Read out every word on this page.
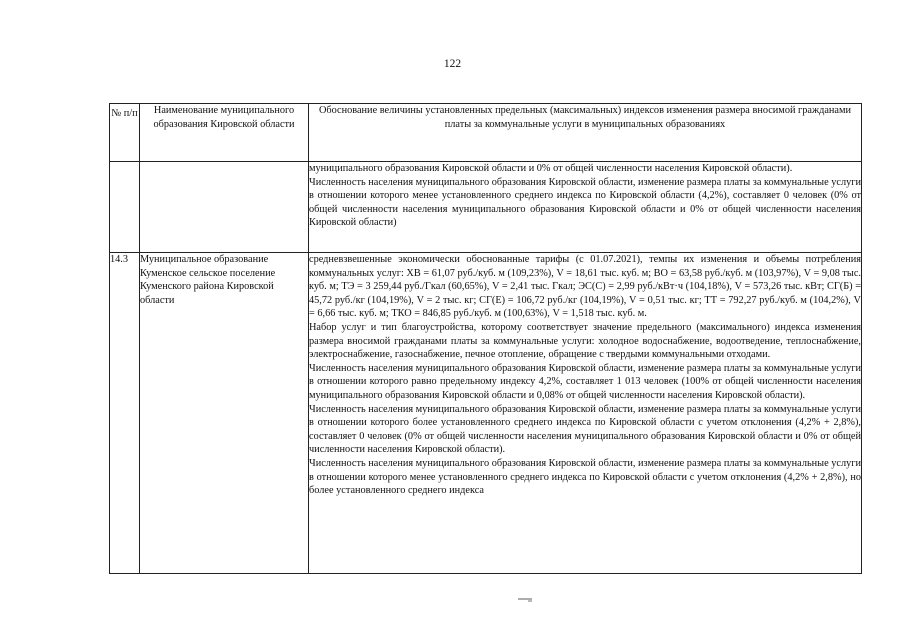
122
№ п/п	Наименование муниципального образования Кировской области	Обоснование величины установленных предельных (максимальных) индексов изменения размера вносимой гражданами платы за коммунальные услуги в муниципальных образованиях

		муниципального образования Кировской области и 0% от общей численности населения Кировской области).

Численность населения муниципального образования Кировской области, изменение размера платы за коммунальные услуги в отношении которого менее установленного среднего индекса по Кировской области (4,2%), составляет 0 человек (0% от общей численности населения муниципального образования Кировской области и 0% от общей численности населения Кировской области)

14.3	Муниципальное образование Куменское сельское поселение Куменского района Кировской области	средневзвешенные экономически обоснованные тарифы (с 01.07.2021), темпы их изменения и объемы потребления коммунальных услуг: ХВ = 61,07 руб./куб. м (109,23%), V = 18,61 тыс. куб. м; ВО = 63,58 руб./куб. м (103,97%), V = 9,08 тыс. куб. м; ТЭ = 3 259,44 руб./Гкал (60,65%), V = 2,41 тыс. Гкал; ЭС(С) = 2,99 руб./кВт·ч (104,18%), V = 573,26 тыс. кВт; СГ(Б) = 45,72 руб./кг (104,19%), V = 2 тыс. кг; СГ(Е) = 106,72 руб./кг (104,19%), V = 0,51 тыс. кг; ТТ = 792,27 руб./куб. м (104,2%), V = 6,66 тыс. куб. м; ТКО = 846,85 руб./куб. м (100,63%), V = 1,518 тыс. куб. м.

Набор услуг и тип благоустройства, которому соответствует значение предельного (максимального) индекса изменения размера вносимой гражданами платы за коммунальные услуги: холодное водоснабжение, водоотведение, теплоснабжение, электроснабжение, газоснабжение, печное отопление, обращение с твердыми коммунальными отходами.

Численность населения муниципального образования Кировской области, изменение размера платы за коммунальные услуги в отношении которого равно предельному индексу 4,2%, составляет 1 013 человек (100% от общей численности населения муниципального образования Кировской области и 0,08% от общей численности населения Кировской области).

Численность населения муниципального образования Кировской области, изменение размера платы за коммунальные услуги в отношении которого более установленного среднего индекса по Кировской области с учетом отклонения (4,2% + 2,8%), составляет 0 человек (0% от общей численности населения муниципального образования Кировской области и 0% от общей численности населения Кировской области).

Численность населения муниципального образования Кировской области, изменение размера платы за коммунальные услуги в отношении которого менее установленного среднего индекса по Кировской области с учетом отклонения (4,2% + 2,8%), но более установленного среднего индекса
